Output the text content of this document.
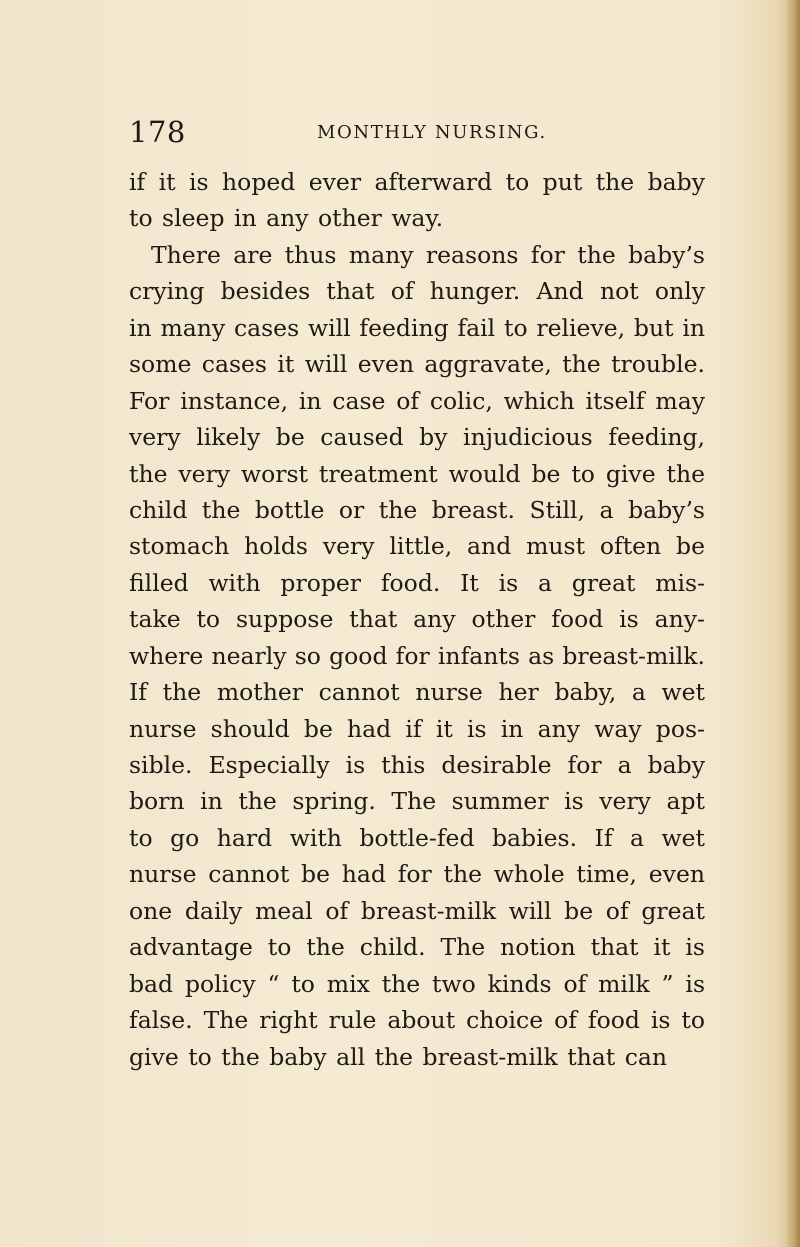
178	MONTHLY NURSING.
if it is hoped ever afterward to put the baby
to sleep in any other way.
There are thus many reasons for the baby’s
crying besides that of hunger. And not only
in many cases will feeding fail to relieve, but in
some cases it will even aggravate, the trouble.
For instance, in case of colic, which itself may
very likely be caused by injudicious feeding,
the very worst treatment would be to give the
child the bottle or the breast. Still, a baby’s
stomach holds very little, and must often be
filled with proper food. It is a great mis-
take to suppose that any other food is any-
where nearly so good for infants as breast-milk.
If the mother cannot nurse her baby, a wet
nurse should be had if it is in any way pos-
sible. Especially is this desirable for a baby
born in the spring. The summer is very apt
to go hard with bottle-fed babies. If a wet
nurse cannot be had for the whole time, even
one daily meal of breast-milk will be of great
advantage to the child. The notion that it is
bad policy “ to mix the two kinds of milk ” is
false. The right rule about choice of food is to
give to the baby all the breast-milk that can
